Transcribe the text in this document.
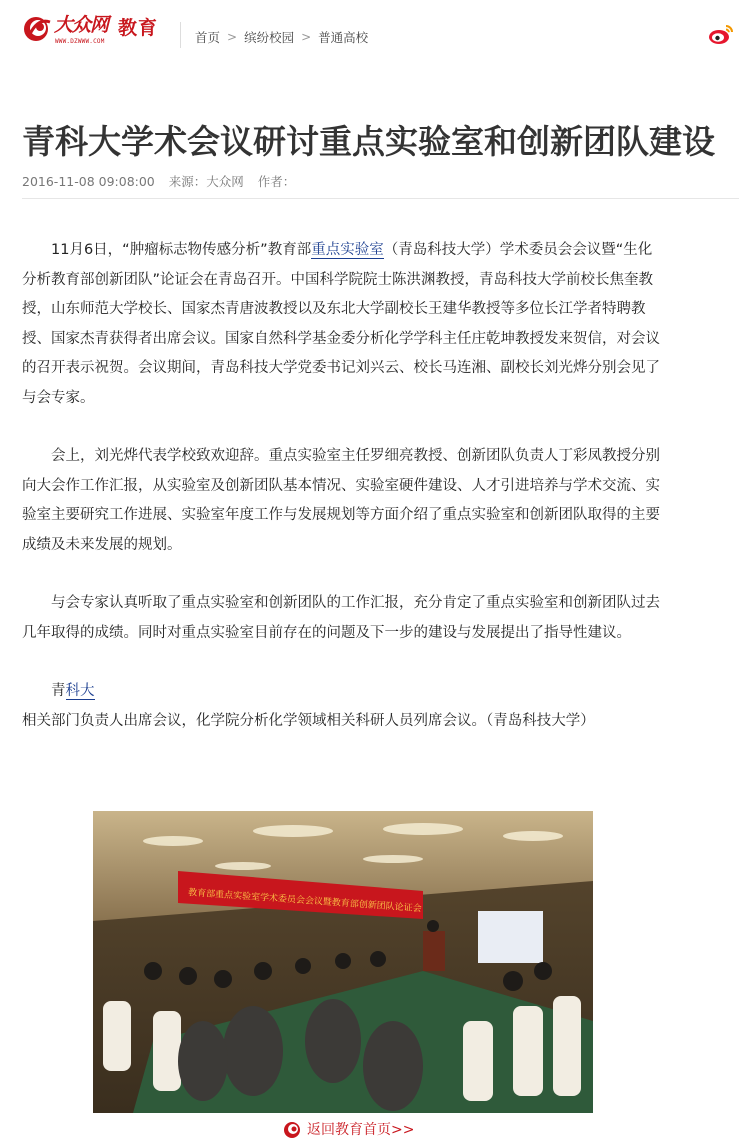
大众网 教育
WWW.DZWWW.COM	首页 > 缤纷校园 > 普通高校
青科大学术会议研讨重点实验室和创新团队建设
2016-11-08 09:08:00 来源：大众网 作者：

11月6日，“肿瘤标志物传感分析”教育部重点实验室（青岛科技大学）学术委员会会议暨“生化分析教育部创新团队”论证会在青岛召开。中国科学院院士陈洪渊教授，青岛科技大学前校长焦奎教授，山东师范大学校长、国家杰青唐波教授以及东北大学副校长王建华教授等多位长江学者特聘教授、国家杰青获得者出席会议。国家自然科学基金委分析化学学科主任庄乾坤教授发来贺信，对会议的召开表示祝贺。会议期间，青岛科技大学党委书记刘兴云、校长马连湘、副校长刘光烨分别会见了与会专家。

会上，刘光烨代表学校致欢迎辞。重点实验室主任罗细亮教授、创新团队负责人丁彩凤教授分别向大会作工作汇报，从实验室及创新团队基本情况、实验室硬件建设、人才引进培养与学术交流、实验室主要研究工作进展、实验室年度工作与发展规划等方面介绍了重点实验室和创新团队取得的主要成绩及未来发展的规划。

与会专家认真听取了重点实验室和创新团队的工作汇报，充分肯定了重点实验室和创新团队过去几年取得的成绩。同时对重点实验室目前存在的问题及下一步的建设与发展提出了指导性建议。

青科大相关部门负责人出席会议，化学院分析化学领域相关科研人员列席会议。（青岛科技大学）

教育部重点实验室学术委员会会议暨教育部创新团队论证会
返回教育首页>>
